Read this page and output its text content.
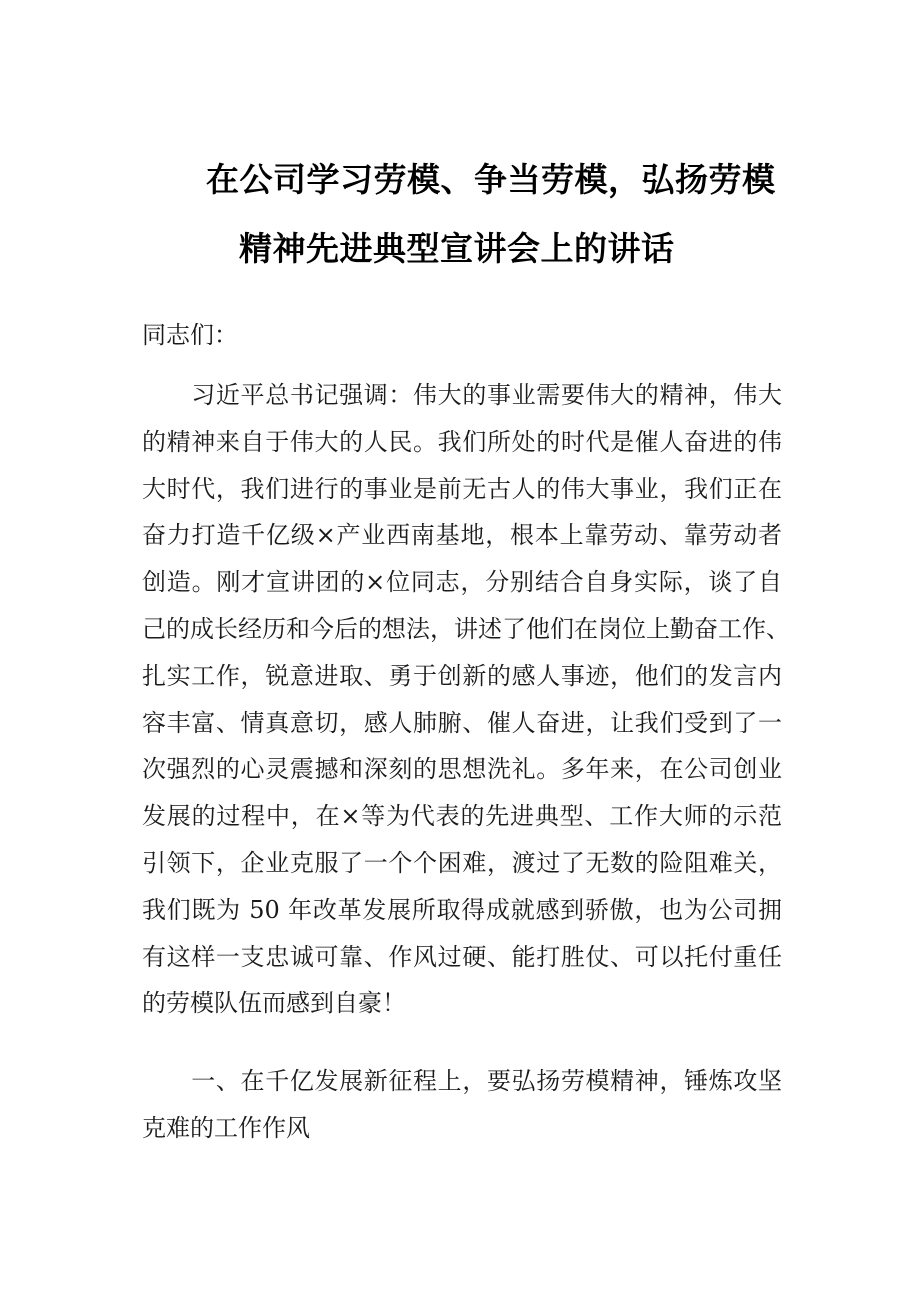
在公司学习劳模、争当劳模，弘扬劳模
精神先进典型宣讲会上的讲话
同志们：
　　习近平总书记强调：伟大的事业需要伟大的精神，伟大
的精神来自于伟大的人民。我们所处的时代是催人奋进的伟
大时代，我们进行的事业是前无古人的伟大事业，我们正在
奋力打造千亿级×产业西南基地，根本上靠劳动、靠劳动者
创造。刚才宣讲团的×位同志，分别结合自身实际，谈了自
己的成长经历和今后的想法，讲述了他们在岗位上勤奋工作、
扎实工作，锐意进取、勇于创新的感人事迹，他们的发言内
容丰富、情真意切，感人肺腑、催人奋进，让我们受到了一
次强烈的心灵震撼和深刻的思想洗礼。多年来，在公司创业
发展的过程中，在×等为代表的先进典型、工作大师的示范
引领下，企业克服了一个个困难，渡过了无数的险阻难关，
我们既为 50 年改革发展所取得成就感到骄傲，也为公司拥
有这样一支忠诚可靠、作风过硬、能打胜仗、可以托付重任
的劳模队伍而感到自豪！
　　一、在千亿发展新征程上，要弘扬劳模精神，锤炼攻坚
克难的工作作风
